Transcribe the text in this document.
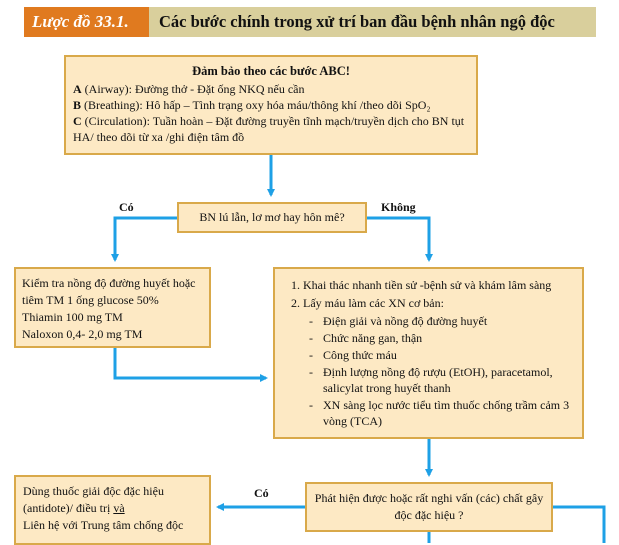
Lược đồ 33.1.	Các bước chính trong xử trí ban đầu bệnh nhân ngộ độc

Đảm bảo theo các bước ABC!

A (Airway): Đường thở - Đặt ống NKQ nếu cần

B (Breathing): Hô hấp – Tình trạng oxy hóa máu/thông khí /theo dõi SpO₂

C (Circulation): Tuần hoàn – Đặt đường truyền tĩnh mạch/truyền dịch cho BN tụt HA/ theo dõi từ xa /ghi điện tâm đồ

BN lú lẫn, lơ mơ hay hôn mê?
Có	Không

Kiểm tra nồng độ đường huyết hoặc tiêm TM 1 ống glucose 50%

Thiamin 100 mg TM

Naloxon 0,4- 2,0 mg TM

1. Khai thác nhanh tiền sử -bệnh sử và khám lâm sàng
2. Lấy máu làm các XN cơ bản:
- Điện giải và nồng độ đường huyết
- Chức năng gan, thận
- Công thức máu
- Định lượng nồng độ rượu (EtOH), paracetamol, salicylat trong huyết thanh
- XN sàng lọc nước tiểu tìm thuốc chống trầm cảm 3 vòng (TCA)
Có	Phát hiện được hoặc rất nghi vấn (các) chất gây độc đặc hiệu ?

Dùng thuốc giải độc đặc hiệu (antidote)/ điều trị và

Liên hệ với Trung tâm chống độc
